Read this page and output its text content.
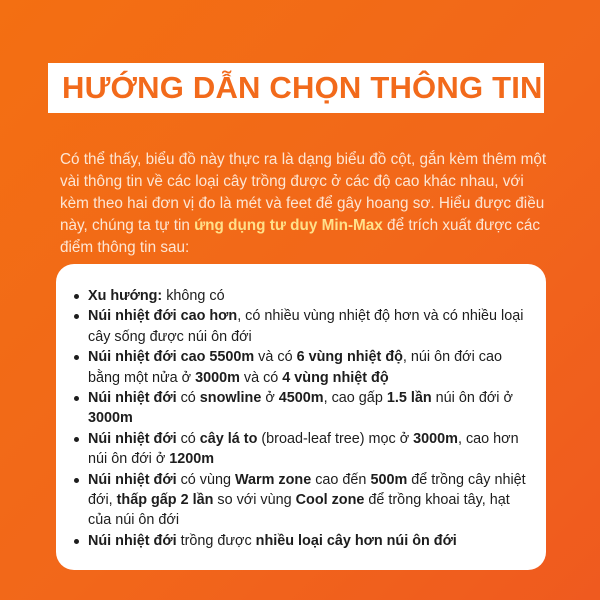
HƯỚNG DẪN CHỌN THÔNG TIN

Có thể thấy, biểu đồ này thực ra là dạng biểu đồ cột, gắn kèm thêm một vài thông tin về các loại cây trồng được ở các độ cao khác nhau, với kèm theo hai đơn vị đo là mét và feet để gây hoang sơ. Hiểu được điều này, chúng ta tự tin ứng dụng tư duy Min-Max để trích xuất được các điểm thông tin sau:

Xu hướng: không có
Núi nhiệt đới cao hơn, có nhiều vùng nhiệt độ hơn và có nhiều loại cây sống được núi ôn đới
Núi nhiệt đới cao 5500m và có 6 vùng nhiệt độ, núi ôn đới cao bằng một nửa ở 3000m và có 4 vùng nhiệt độ
Núi nhiệt đới có snowline ở 4500m, cao gấp 1.5 lần núi ôn đới ở 3000m
Núi nhiệt đới có cây lá to (broad-leaf tree) mọc ở 3000m, cao hơn núi ôn đới ở 1200m
Núi nhiệt đới có vùng Warm zone cao đến 500m để trồng cây nhiệt đới, thấp gấp 2 lần so với vùng Cool zone để trồng khoai tây, hạt của núi ôn đới
Núi nhiệt đới trồng được nhiều loại cây hơn núi ôn đới
